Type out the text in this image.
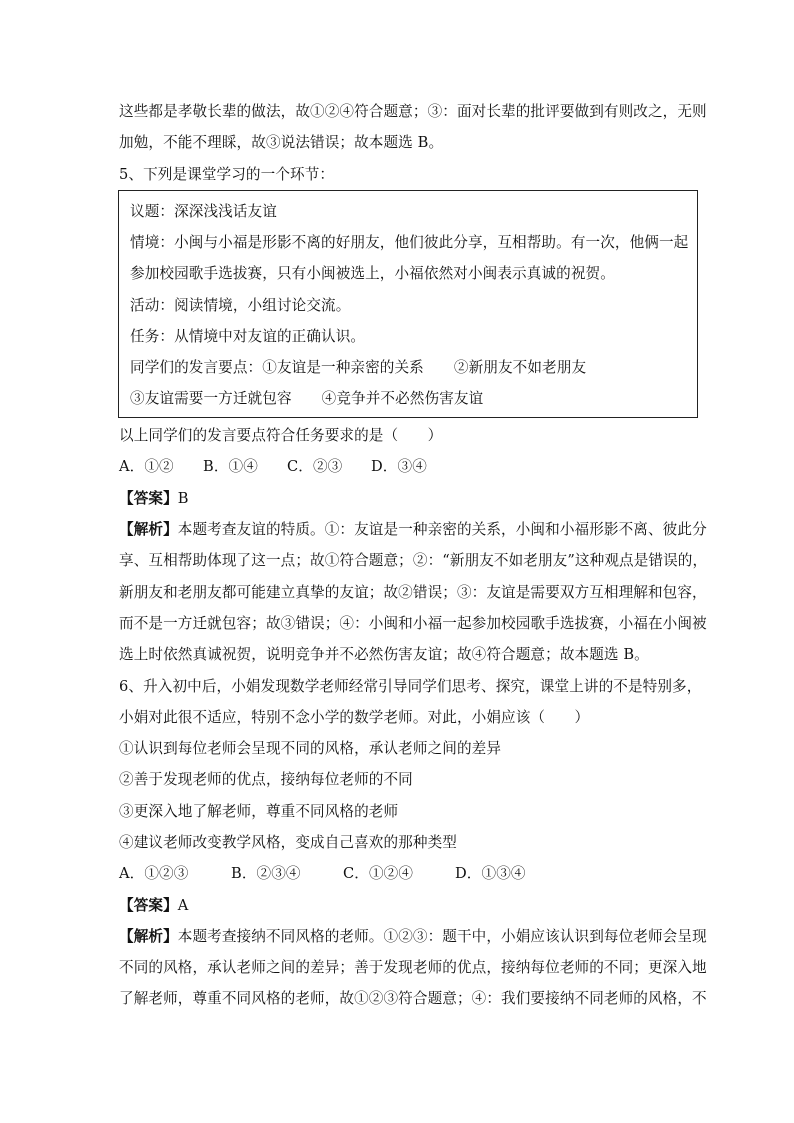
这些都是孝敬长辈的做法，故①②④符合题意；③：面对长辈的批评要做到有则改之，无则
加勉，不能不理睬，故③说法错误；故本题选 B。
5、下列是课堂学习的一个环节：
议题：深深浅浅话友谊
情境：小闽与小福是形影不离的好朋友，他们彼此分享，互相帮助。有一次，他俩一起
参加校园歌手选拔赛，只有小闽被选上，小福依然对小闽表示真诚的祝贺。
活动：阅读情境，小组讨论交流。
任务：从情境中对友谊的正确认识。
同学们的发言要点：①友谊是一种亲密的关系 ②新朋友不如老朋友
③友谊需要一方迁就包容 ④竞争并不必然伤害友谊
以上同学们的发言要点符合任务要求的是（　　）
A．①② B．①④ C．②③ D．③④
【答案】B
【解析】本题考查友谊的特质。①：友谊是一种亲密的关系，小闽和小福形影不离、彼此分
享、互相帮助体现了这一点；故①符合题意；②：“新朋友不如老朋友”这种观点是错误的，
新朋友和老朋友都可能建立真挚的友谊；故②错误；③：友谊是需要双方互相理解和包容，
而不是一方迁就包容；故③错误；④：小闽和小福一起参加校园歌手选拔赛，小福在小闽被
选上时依然真诚祝贺，说明竞争并不必然伤害友谊；故④符合题意；故本题选 B。
6、升入初中后，小娟发现数学老师经常引导同学们思考、探究，课堂上讲的不是特别多，
小娟对此很不适应，特别不念小学的数学老师。对此，小娟应该（　　）
①认识到每位老师会呈现不同的风格，承认老师之间的差异
②善于发现老师的优点，接纳每位老师的不同
③更深入地了解老师，尊重不同风格的老师
④建议老师改变教学风格，变成自己喜欢的那种类型
A．①②③	B．②③④	C．①②④	D．①③④
【答案】A
【解析】本题考查接纳不同风格的老师。①②③：题干中，小娟应该认识到每位老师会呈现
不同的风格，承认老师之间的差异；善于发现老师的优点，接纳每位老师的不同；更深入地
了解老师，尊重不同风格的老师，故①②③符合题意；④：我们要接纳不同老师的风格，不
